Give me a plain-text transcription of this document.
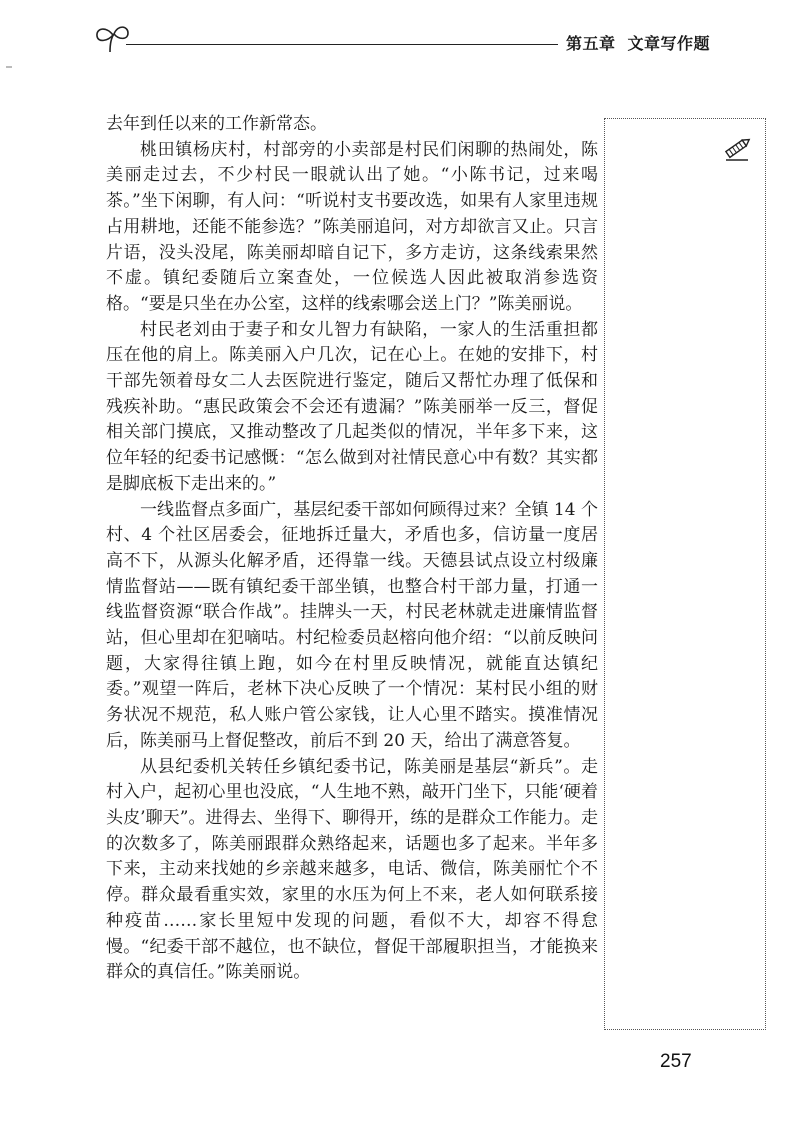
第五章 文章写作题

去年到任以来的工作新常态。

桃田镇杨庆村，村部旁的小卖部是村民们闲聊的热闹处，陈美丽走过去，不少村民一眼就认出了她。“小陈书记，过来喝茶。”坐下闲聊，有人问：“听说村支书要改选，如果有人家里违规占用耕地，还能不能参选？”陈美丽追问，对方却欲言又止。只言片语，没头没尾，陈美丽却暗自记下，多方走访，这条线索果然不虚。镇纪委随后立案查处，一位候选人因此被取消参选资格。“要是只坐在办公室，这样的线索哪会送上门？”陈美丽说。

村民老刘由于妻子和女儿智力有缺陷，一家人的生活重担都压在他的肩上。陈美丽入户几次，记在心上。在她的安排下，村干部先领着母女二人去医院进行鉴定，随后又帮忙办理了低保和残疾补助。“惠民政策会不会还有遗漏？”陈美丽举一反三，督促相关部门摸底，又推动整改了几起类似的情况，半年多下来，这位年轻的纪委书记感慨：“怎么做到对社情民意心中有数？其实都是脚底板下走出来的。”

一线监督点多面广，基层纪委干部如何顾得过来？全镇 14 个村、4 个社区居委会，征地拆迁量大，矛盾也多，信访量一度居高不下，从源头化解矛盾，还得靠一线。天德县试点设立村级廉情监督站——既有镇纪委干部坐镇，也整合村干部力量，打通一线监督资源“联合作战”。挂牌头一天，村民老林就走进廉情监督站，但心里却在犯嘀咕。村纪检委员赵榕向他介绍：“以前反映问题，大家得往镇上跑，如今在村里反映情况，就能直达镇纪委。”观望一阵后，老林下决心反映了一个情况：某村民小组的财务状况不规范，私人账户管公家钱，让人心里不踏实。摸准情况后，陈美丽马上督促整改，前后不到 20 天，给出了满意答复。

从县纪委机关转任乡镇纪委书记，陈美丽是基层“新兵”。走村入户，起初心里也没底，“人生地不熟，敲开门坐下，只能‘硬着头皮’聊天”。进得去、坐得下、聊得开，练的是群众工作能力。走的次数多了，陈美丽跟群众熟络起来，话题也多了起来。半年多下来，主动来找她的乡亲越来越多，电话、微信，陈美丽忙个不停。群众最看重实效，家里的水压为何上不来，老人如何联系接种疫苗……家长里短中发现的问题，看似不大，却容不得怠慢。“纪委干部不越位，也不缺位，督促干部履职担当，才能换来群众的真信任。”陈美丽说。

257
